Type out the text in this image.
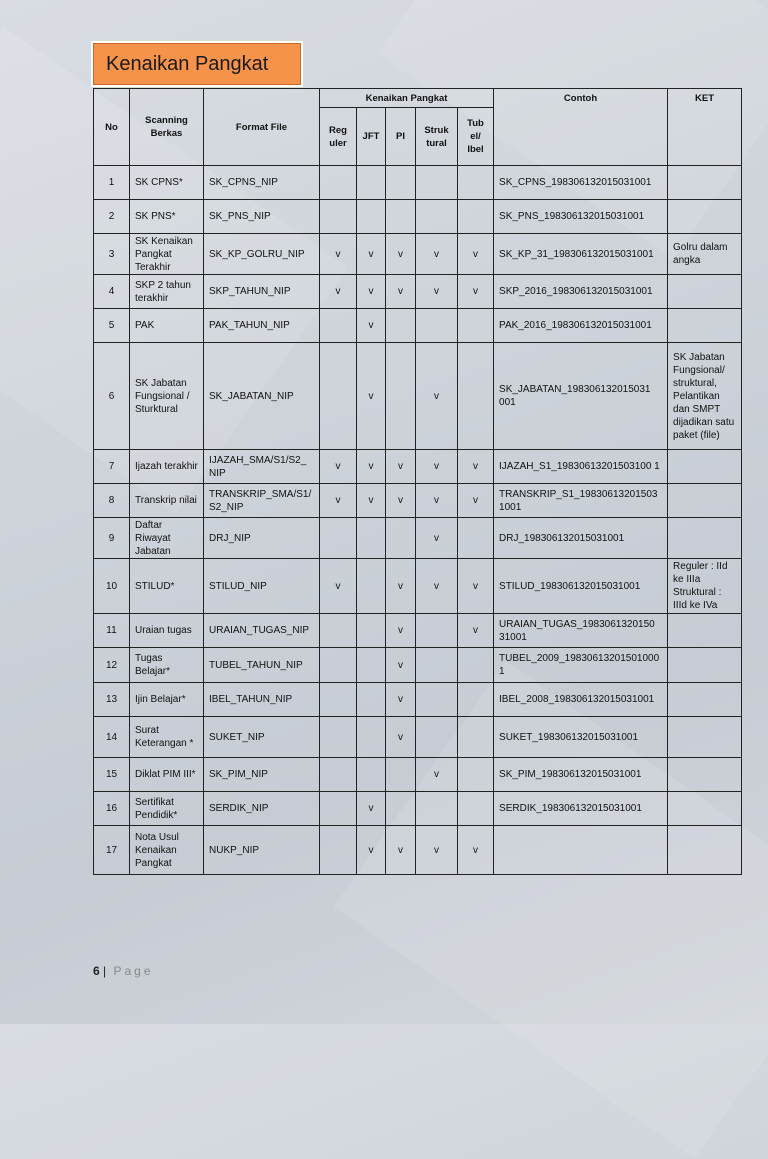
Kenaikan Pangkat
No	Scanning Berkas	Format File	Kenaikan Pangkat					Contoh	KET
			Reg uler	JFT	PI	Struk tural	Tub el/ Ibel		
1	SK CPNS*	SK_CPNS_NIP						SK_CPNS_198306132015031001	
2	SK PNS*	SK_PNS_NIP						SK_PNS_198306132015031001	
3	SK Kenaikan Pangkat Terakhir	SK_KP_GOLRU_NIP	v	v	v	v	v	SK_KP_31_198306132015031001	Golru dalam angka
4	SKP 2 tahun terakhir	SKP_TAHUN_NIP	v	v	v	v	v	SKP_2016_198306132015031001	
5	PAK	PAK_TAHUN_NIP		v				PAK_2016_198306132015031001	
6	SK Jabatan Fungsional / Sturktural	SK_JABATAN_NIP		v		v		SK_JABATAN_198306132015031 001	SK Jabatan Fungsional/ struktural, Pelantikan dan SMPT dijadikan satu paket (file)
7	Ijazah terakhir	IJAZAH_SMA/S1/S2_ NIP	v	v	v	v	v	IJAZAH_S1_19830613201503100 1	
8	Transkrip nilai	TRANSKRIP_SMA/S1/ S2_NIP	v	v	v	v	v	TRANSKRIP_S1_19830613201503 1001	
9	Daftar Riwayat Jabatan	DRJ_NIP				v		DRJ_198306132015031001	
10	STILUD*	STILUD_NIP	v		v	v	v	STILUD_198306132015031001	Reguler : IId ke IIIa Struktural : IIId ke IVa
11	Uraian tugas	URAIAN_TUGAS_NIP			v		v	URAIAN_TUGAS_1983061320150 31001	
12	Tugas Belajar*	TUBEL_TAHUN_NIP			v			TUBEL_2009_19830613201501000 1	
13	Ijin Belajar*	IBEL_TAHUN_NIP			v			IBEL_2008_198306132015031001	
14	Surat Keterangan *	SUKET_NIP			v			SUKET_198306132015031001	
15	Diklat PIM III*	SK_PIM_NIP				v		SK_PIM_198306132015031001	
16	Sertifikat Pendidik*	SERDIK_NIP		v				SERDIK_198306132015031001	
17	Nota Usul Kenaikan Pangkat	NUKP_NIP		v	v	v	v		
6 | Page
